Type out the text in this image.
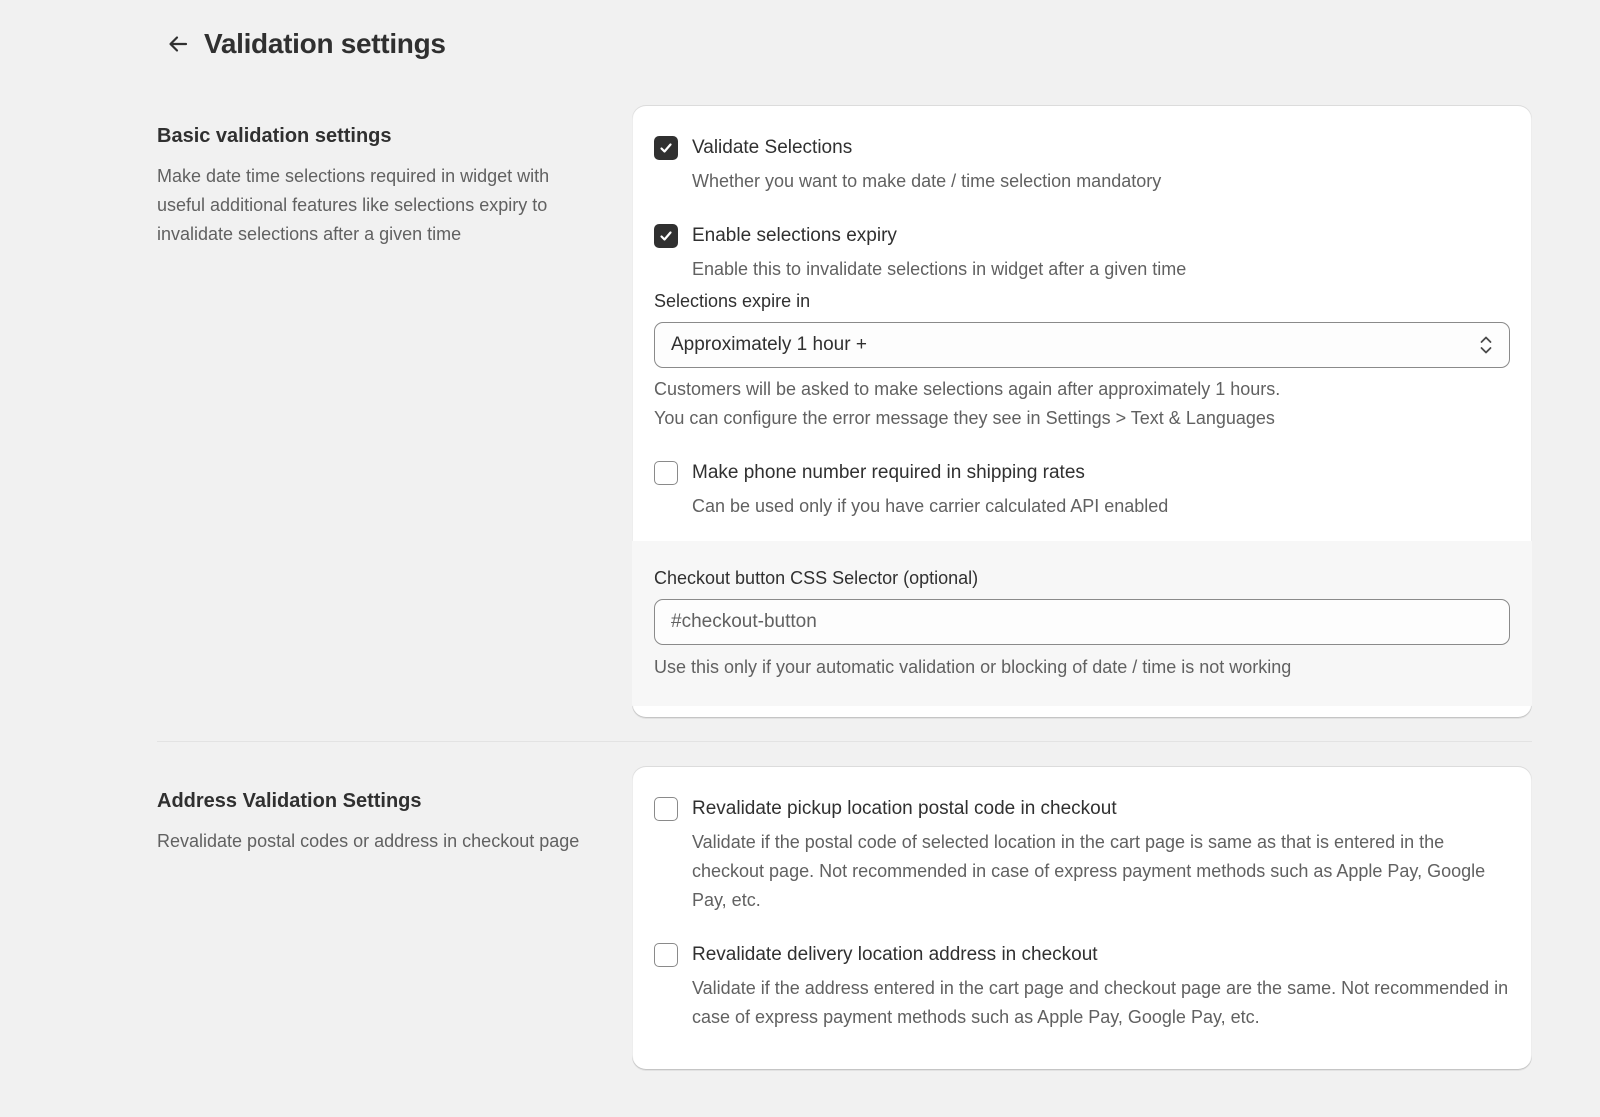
Validation settings
Basic validation settings
Make date time selections required in widget with useful additional features like selections expiry to invalidate selections after a given time
Validate Selections
Whether you want to make date / time selection mandatory
Enable selections expiry
Enable this to invalidate selections in widget after a given time
Selections expire in
Approximately 1 hour +
Customers will be asked to make selections again after approximately 1 hours.
You can configure the error message they see in Settings > Text & Languages
Make phone number required in shipping rates
Can be used only if you have carrier calculated API enabled
Checkout button CSS Selector (optional)
#checkout-button
Use this only if your automatic validation or blocking of date / time is not working
Address Validation Settings
Revalidate postal codes or address in checkout page
Revalidate pickup location postal code in checkout
Validate if the postal code of selected location in the cart page is same as that is entered in the checkout page. Not recommended in case of express payment methods such as Apple Pay, Google Pay, etc.
Revalidate delivery location address in checkout
Validate if the address entered in the cart page and checkout page are the same. Not recommended in case of express payment methods such as Apple Pay, Google Pay, etc.
